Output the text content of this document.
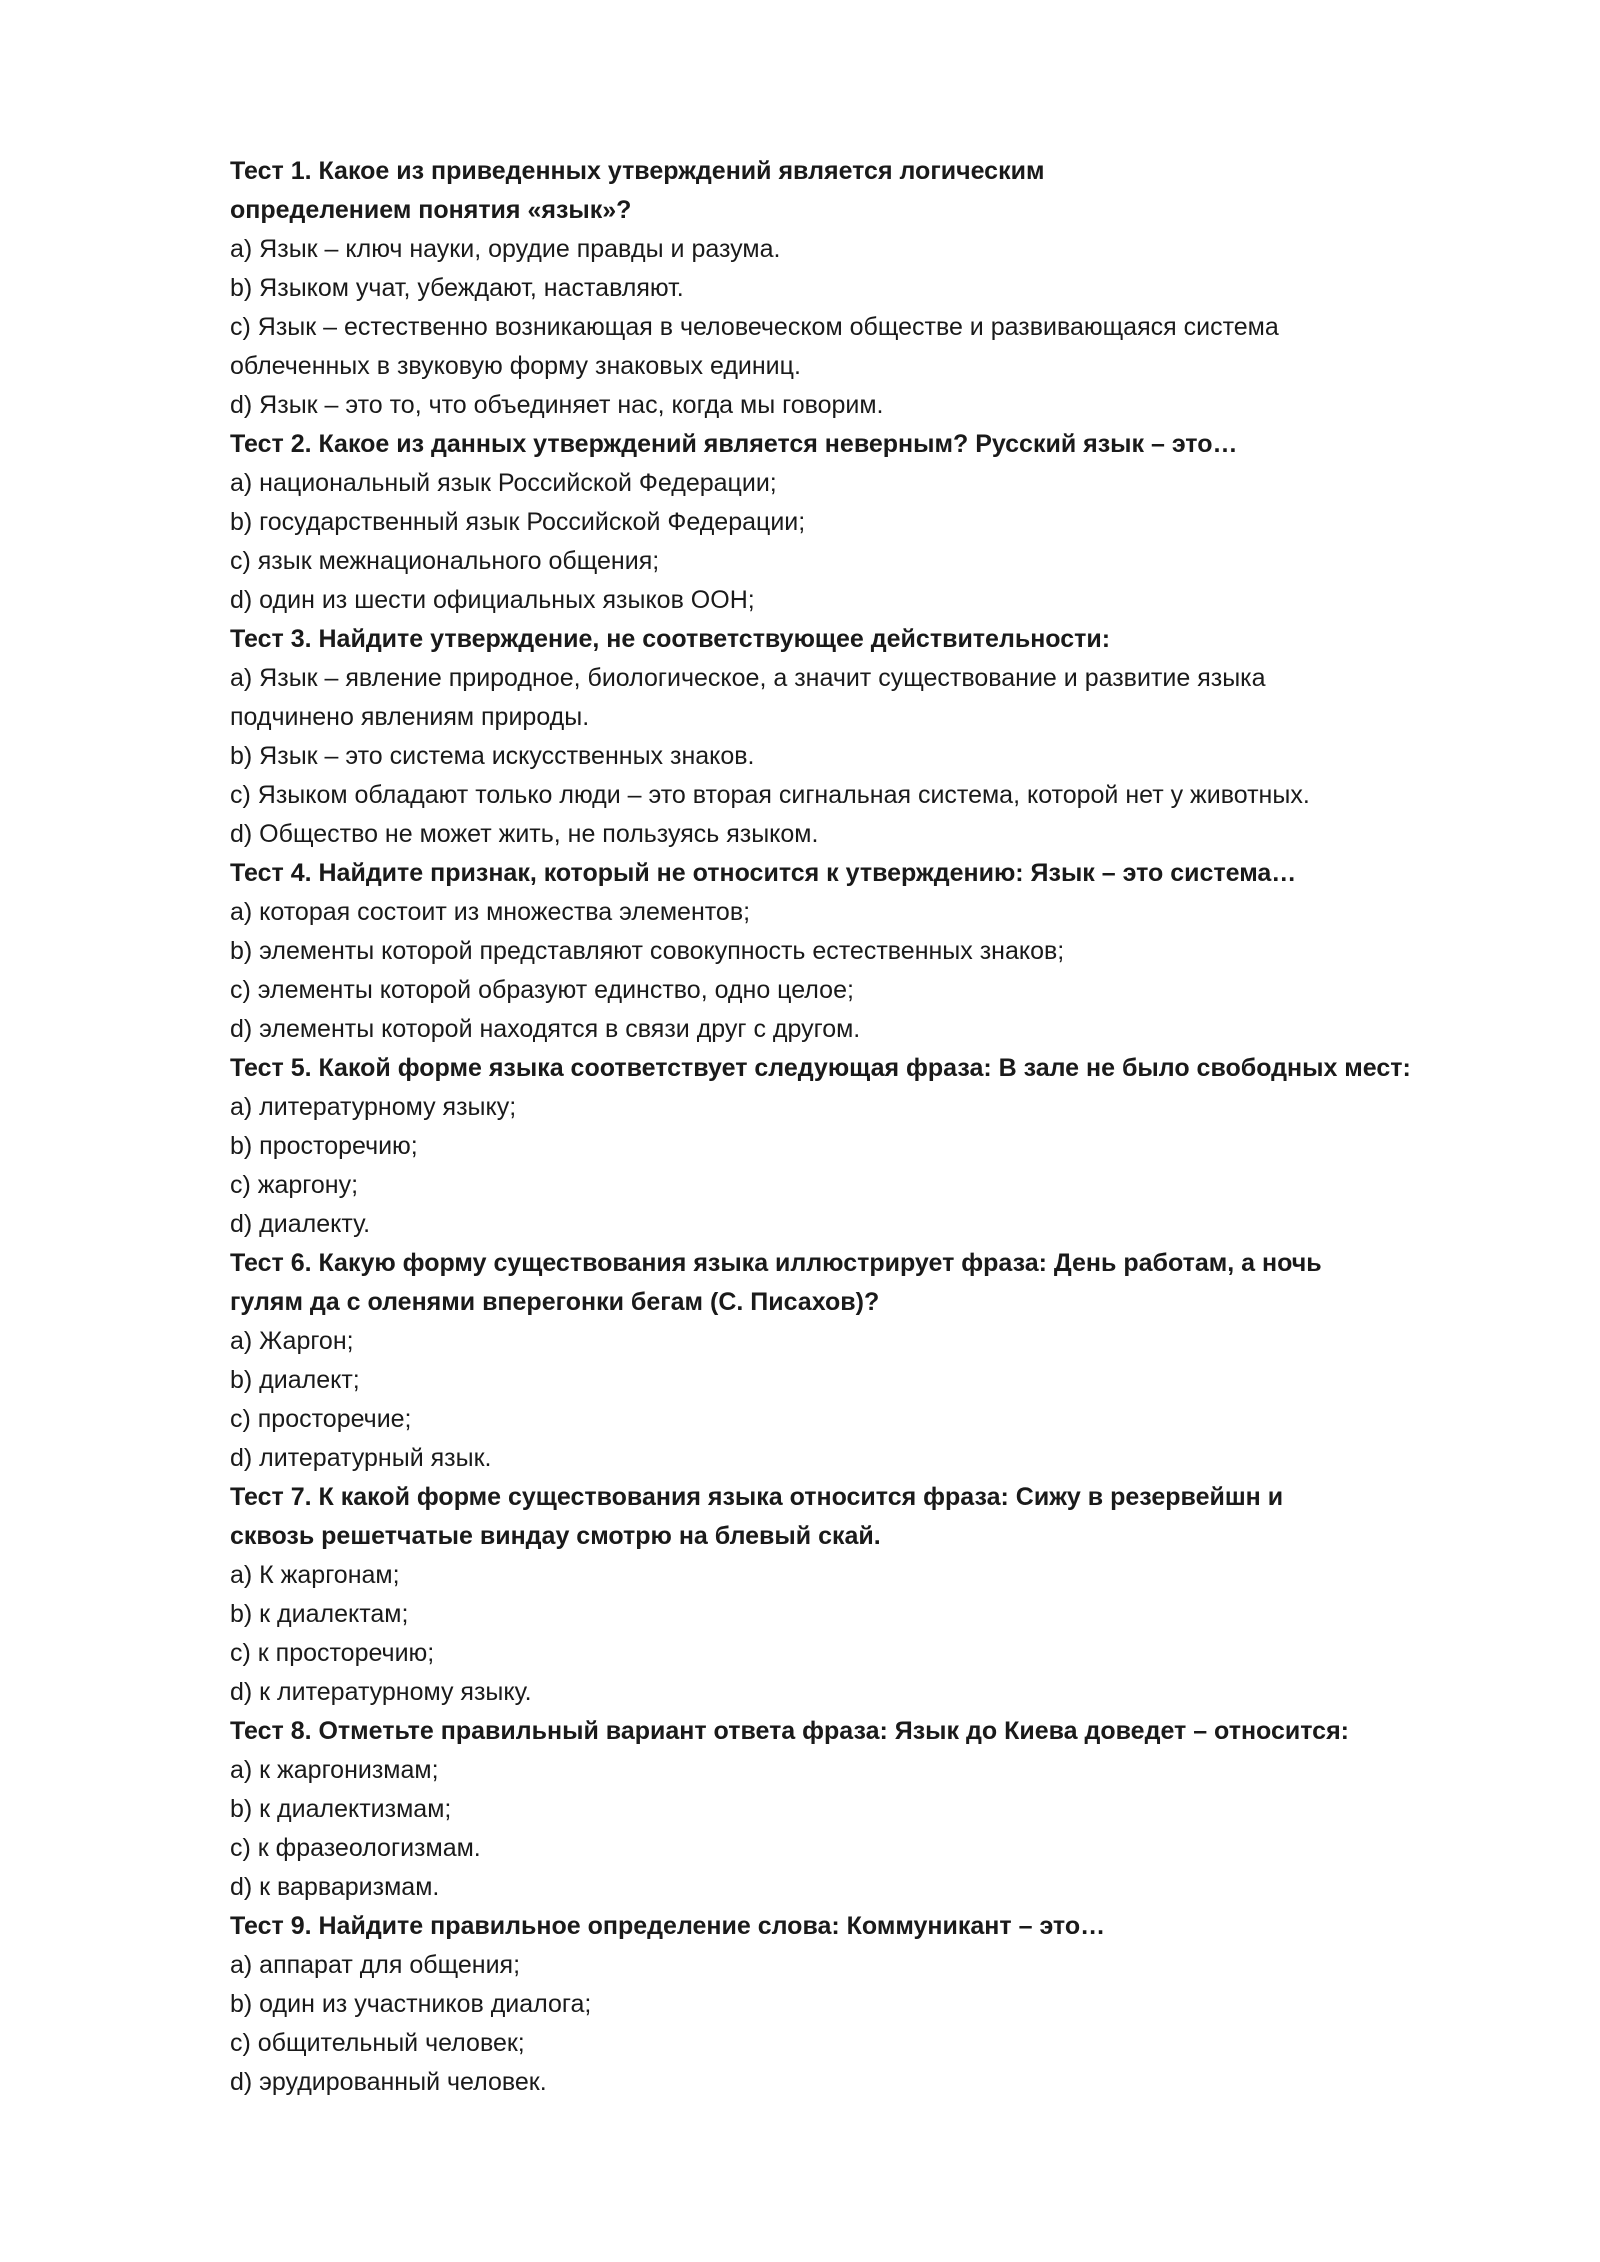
Тест 1. Какое из приведенных утверждений является логическим
определением понятия «язык»?
a) Язык – ключ науки, орудие правды и разума.
b) Языком учат, убеждают, наставляют.
c) Язык – естественно возникающая в человеческом обществе и развивающаяся система
облеченных в звуковую форму знаковых единиц.
d) Язык – это то, что объединяет нас, когда мы говорим.
Тест 2. Какое из данных утверждений является неверным? Русский язык – это…
a) национальный язык Российской Федерации;
b) государственный язык Российской Федерации;
c) язык межнационального общения;
d) один из шести официальных языков ООН;
Тест 3. Найдите утверждение, не соответствующее действительности:
a) Язык – явление природное, биологическое, а значит существование и развитие языка
подчинено явлениям природы.
b) Язык – это система искусственных знаков.
c) Языком обладают только люди – это вторая сигнальная система, которой нет у животных.
d) Общество не может жить, не пользуясь языком.
Тест 4. Найдите признак, который не относится к утверждению: Язык – это система…
a) которая состоит из множества элементов;
b) элементы которой представляют совокупность естественных знаков;
c) элементы которой образуют единство, одно целое;
d) элементы которой находятся в связи друг с другом.
Тест 5. Какой форме языка соответствует следующая фраза: В зале не было свободных мест:
a) литературному языку;
b) просторечию;
c) жаргону;
d) диалекту.
Тест 6. Какую форму существования языка иллюстрирует фраза: День работам, а ночь
гулям да с оленями вперегонки бегам (С. Писахов)?
a) Жаргон;
b) диалект;
c) просторечие;
d) литературный язык.
Тест 7. К какой форме существования языка относится фраза: Сижу в резервейшн и
сквозь решетчатые виндау смотрю на блевый скай.
a) К жаргонам;
b) к диалектам;
c) к просторечию;
d) к литературному языку.
Тест 8. Отметьте правильный вариант ответа фраза: Язык до Киева доведет – относится:
a) к жаргонизмам;
b) к диалектизмам;
c) к фразеологизмам.
d) к варваризмам.
Тест 9. Найдите правильное определение слова: Коммуникант – это…
a) аппарат для общения;
b) один из участников диалога;
c) общительный человек;
d) эрудированный человек.
